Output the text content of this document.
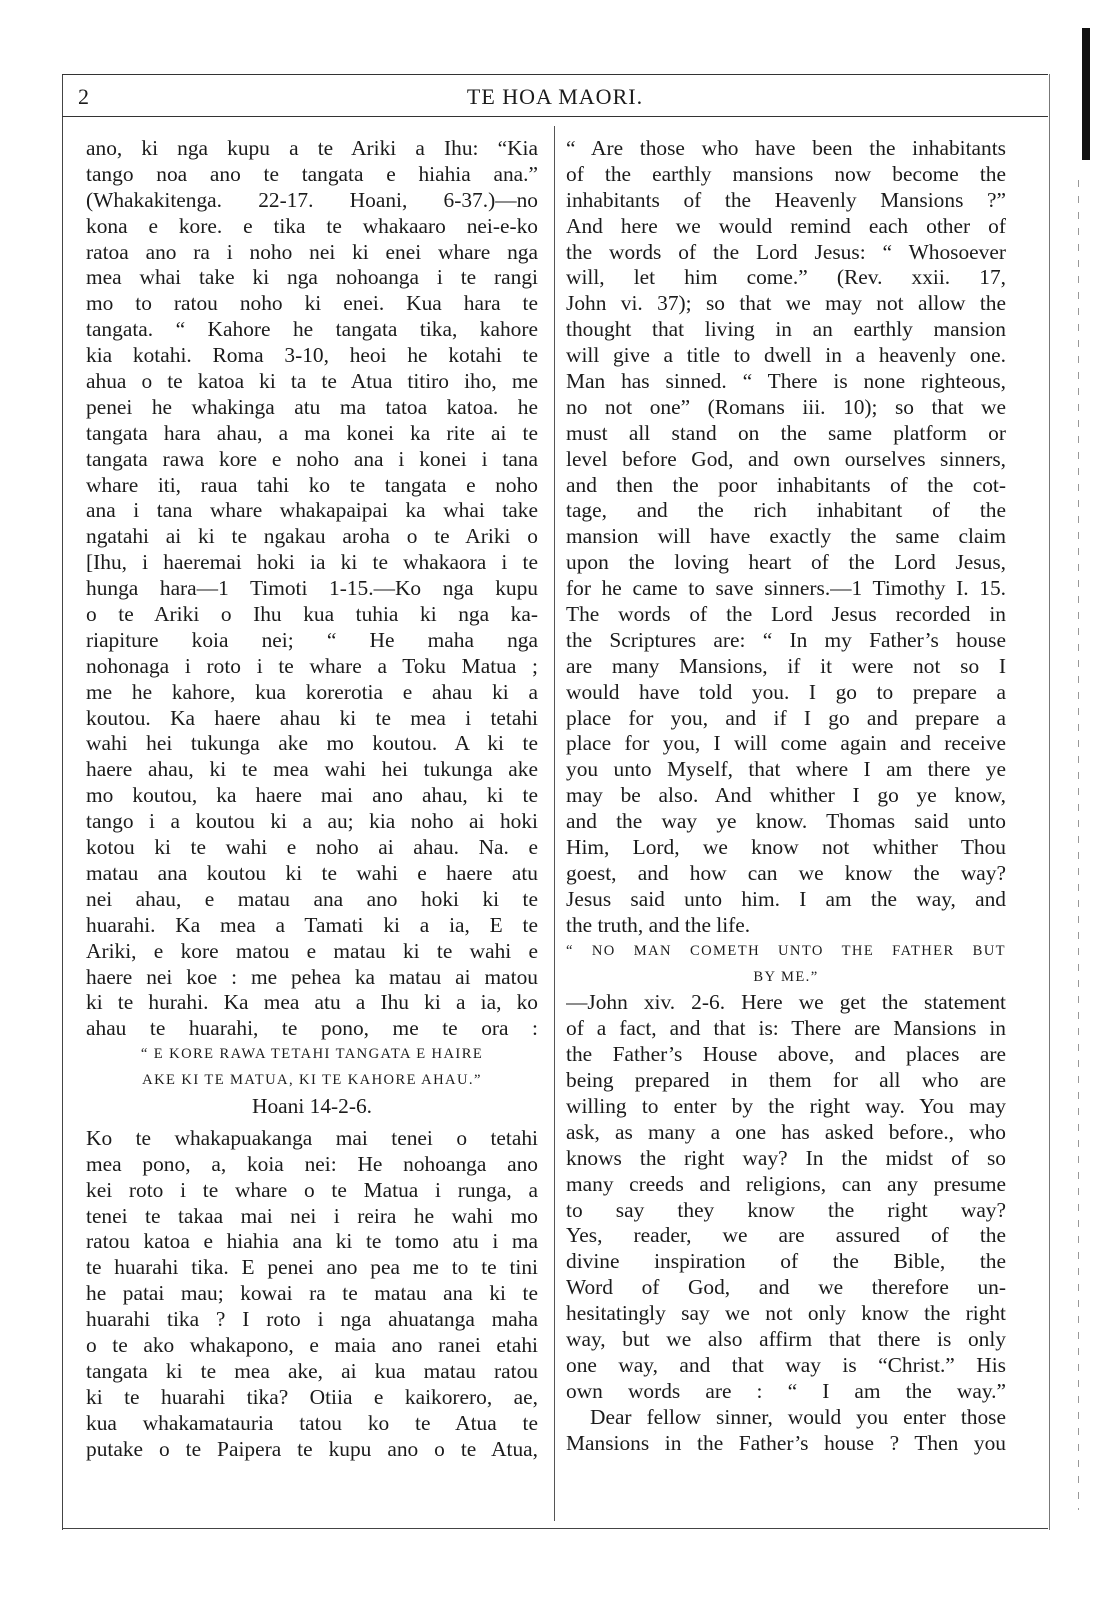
2	TE HOA MAORI.
ano, ki nga kupu a te Ariki a Ihu: “Kia
tango noa ano te tangata e hiahia ana.”
(Whakakitenga. 22-17. Hoani, 6-37.)—no
kona e kore. e tika te whakaaro nei-e-ko
ratoa ano ra i noho nei ki enei whare nga
mea whai take ki nga nohoanga i te rangi
mo to ratou noho ki enei. Kua hara te
tangata. “ Kahore he tangata tika, kahore
kia kotahi. Roma 3-10, heoi he kotahi te
ahua o te katoa ki ta te Atua titiro iho, me
penei he whakinga atu ma tatoa katoa. he
tangata hara ahau, a ma konei ka rite ai te
tangata rawa kore e noho ana i konei i tana
whare iti, raua tahi ko te tangata e noho
ana i tana whare whakapaipai ka whai take
ngatahi ai ki te ngakau aroha o te Ariki o
[Ihu, i haeremai hoki ia ki te whakaora i te
hunga hara—1 Timoti 1-15.—Ko nga kupu
o te Ariki o Ihu kua tuhia ki nga ka-
riapiture koia nei; “ He maha nga
nohonaga i roto i te whare a Toku Matua ;
me he kahore, kua korerotia e ahau ki a
koutou. Ka haere ahau ki te mea i tetahi
wahi hei tukunga ake mo koutou. A ki te
haere ahau, ki te mea wahi hei tukunga ake
mo koutou, ka haere mai ano ahau, ki te
tango i a koutou ki a au; kia noho ai hoki
kotou ki te wahi e noho ai ahau. Na. e
matau ana koutou ki te wahi e haere atu
nei ahau, e matau ana ano hoki ki te
huarahi. Ka mea a Tamati ki a ia, E te
Ariki, e kore matou e matau ki te wahi e
haere nei koe : me pehea ka matau ai matou
ki te hurahi. Ka mea atu a Ihu ki a ia, ko
ahau te huarahi, te pono, me te ora :
“ E KORE RAWA TETAHI TANGATA E HAIRE
AKE KI TE MATUA, KI TE KAHORE AHAU.”
Hoani 14-2-6.
Ko te whakapuakanga mai tenei o tetahi
mea pono, a, koia nei: He nohoanga ano
kei roto i te whare o te Matua i runga, a
tenei te takaa mai nei i reira he wahi mo
ratou katoa e hiahia ana ki te tomo atu i ma
te huarahi tika. E penei ano pea me to te tini
he patai mau; kowai ra te matau ana ki te
huarahi tika ? I roto i nga ahuatanga maha
o te ako whakapono, e maia ano ranei etahi
tangata ki te mea ake, ai kua matau ratou
ki te huarahi tika? Otiia e kaikorero, ae,
kua whakamatauria tatou ko te Atua te
putake o te Paipera te kupu ano o te Atua,
“ Are those who have been the inhabitants
of the earthly mansions now become the
inhabitants of the Heavenly Mansions ?”
And here we would remind each other of
the words of the Lord Jesus: “ Whosoever
will, let him come.” (Rev. xxii. 17,
John vi. 37); so that we may not allow the
thought that living in an earthly mansion
will give a title to dwell in a heavenly one.
Man has sinned. “ There is none righteous,
no not one” (Romans iii. 10); so that we
must all stand on the same platform or
level before God, and own ourselves sinners,
and then the poor inhabitants of the cot-
tage, and the rich inhabitant of the
mansion will have exactly the same claim
upon the loving heart of the Lord Jesus,
for he came to save sinners.—1 Timothy I. 15.
The words of the Lord Jesus recorded in
the Scriptures are: “ In my Father’s house
are many Mansions, if it were not so I
would have told you. I go to prepare a
place for you, and if I go and prepare a
place for you, I will come again and receive
you unto Myself, that where I am there ye
may be also. And whither I go ye know,
and the way ye know. Thomas said unto
Him, Lord, we know not whither Thou
goest, and how can we know the way?
Jesus said unto him. I am the way, and
the truth, and the life.
“ NO MAN COMETH UNTO THE FATHER BUT
BY ME.”
—John xiv. 2-6. Here we get the statement
of a fact, and that is: There are Mansions in
the Father’s House above, and places are
being prepared in them for all who are
willing to enter by the right way. You may
ask, as many a one has asked before., who
knows the right way? In the midst of so
many creeds and religions, can any presume
to say they know the right way?
Yes, reader, we are assured of the
divine inspiration of the Bible, the
Word of God, and we therefore un-
hesitatingly say we not only know the right
way, but we also affirm that there is only
one way, and that way is “Christ.” His
own words are : “ I am the way.”
Dear fellow sinner, would you enter those
Mansions in the Father’s house ? Then you
